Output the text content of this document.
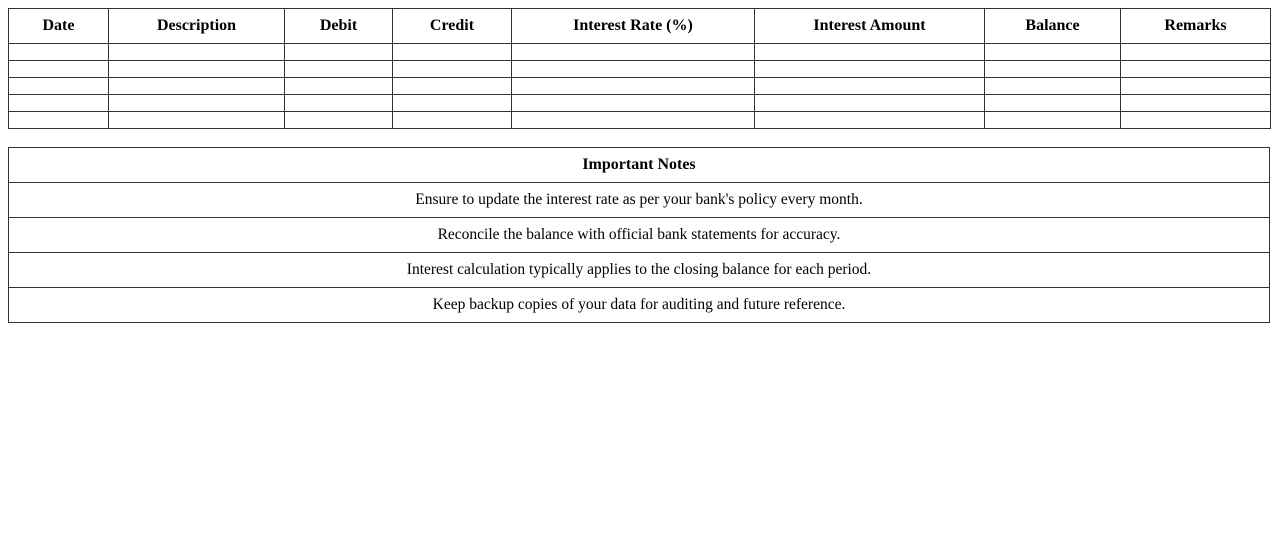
Date	Description	Debit	Credit	Interest Rate (%)	Interest Amount	Balance	Remarks

Important Notes
Ensure to update the interest rate as per your bank's policy every month.
Reconcile the balance with official bank statements for accuracy.
Interest calculation typically applies to the closing balance for each period.
Keep backup copies of your data for auditing and future reference.
